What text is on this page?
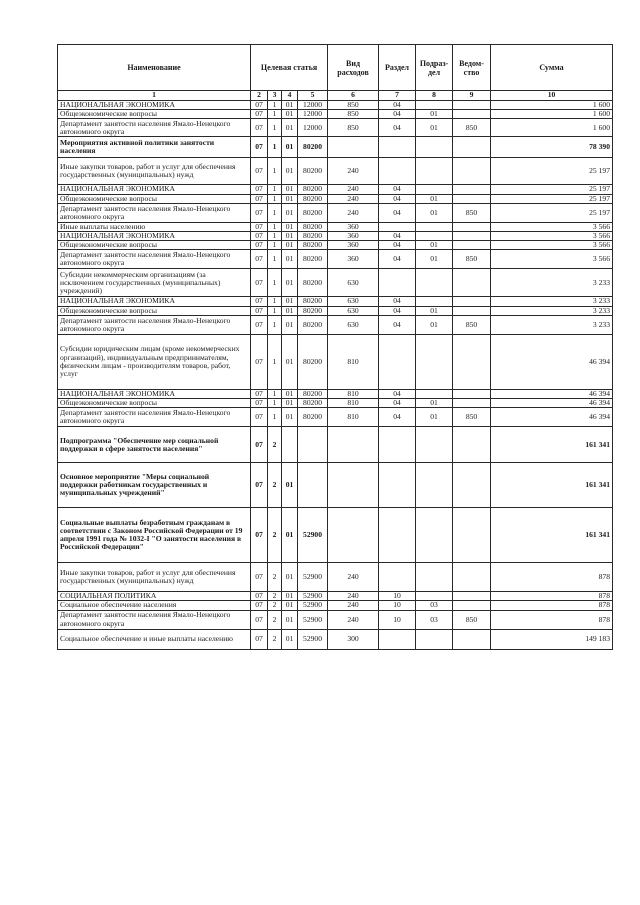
Наименование	Целевая статья				Вид расходов	Раздел	Подраз-дел	Ведом-ство	Сумма
1	2	3	4	5	6	7	8	9	10
НАЦИОНАЛЬНАЯ ЭКОНОМИКА	07	1	01	12000	850	04			1 600
Общеэкономические вопросы	07	1	01	12000	850	04	01		1 600
Департамент занятости населения Ямало-Ненецкого автономного округа	07	1	01	12000	850	04	01	850	1 600
Мероприятия активной политики занятости населения	07	1	01	80200					78 390
Иные закупки товаров, работ и услуг для обеспечения государственных (муниципальных) нужд	07	1	01	80200	240				25 197
НАЦИОНАЛЬНАЯ ЭКОНОМИКА	07	1	01	80200	240	04			25 197
Общеэкономические вопросы	07	1	01	80200	240	04	01		25 197
Департамент занятости населения Ямало-Ненецкого автономного округа	07	1	01	80200	240	04	01	850	25 197
Иные выплаты населению	07	1	01	80200	360				3 566
НАЦИОНАЛЬНАЯ ЭКОНОМИКА	07	1	01	80200	360	04			3 566
Общеэкономические вопросы	07	1	01	80200	360	04	01		3 566
Департамент занятости населения Ямало-Ненецкого автономного округа	07	1	01	80200	360	04	01	850	3 566
Субсидии некоммерческим организациям (за исключением государственных (муниципальных) учреждений)	07	1	01	80200	630				3 233
НАЦИОНАЛЬНАЯ ЭКОНОМИКА	07	1	01	80200	630	04			3 233
Общеэкономические вопросы	07	1	01	80200	630	04	01		3 233
Департамент занятости населения Ямало-Ненецкого автономного округа	07	1	01	80200	630	04	01	850	3 233
Субсидии юридическим лицам (кроме некоммерческих организаций), индивидуальным предпринимателям, физическим лицам - производителям товаров, работ, услуг	07	1	01	80200	810				46 394
НАЦИОНАЛЬНАЯ ЭКОНОМИКА	07	1	01	80200	810	04			46 394
Общеэкономические вопросы	07	1	01	80200	810	04	01		46 394
Департамент занятости населения Ямало-Ненецкого автономного округа	07	1	01	80200	810	04	01	850	46 394
Подпрограмма "Обеспечение мер социальной поддержки в сфере занятости населения"	07	2							161 341
Основное мероприятие "Меры социальной поддержки работникам государственных и муниципальных учреждений"	07	2	01						161 341
Социальные выплаты безработным гражданам в соответствии с Законом Российской Федерации от 19 апреля 1991 года № 1032-I "О занятости населения в Российской Федерации"	07	2	01	52900					161 341
Иные закупки товаров, работ и услуг для обеспечения государственных (муниципальных) нужд	07	2	01	52900	240				878
СОЦИАЛЬНАЯ ПОЛИТИКА	07	2	01	52900	240	10			878
Социальное обеспечение населения	07	2	01	52900	240	10	03		878
Департамент занятости населения Ямало-Ненецкого автономного округа	07	2	01	52900	240	10	03	850	878
Социальное обеспечение и иные выплаты населению	07	2	01	52900	300				149 183
